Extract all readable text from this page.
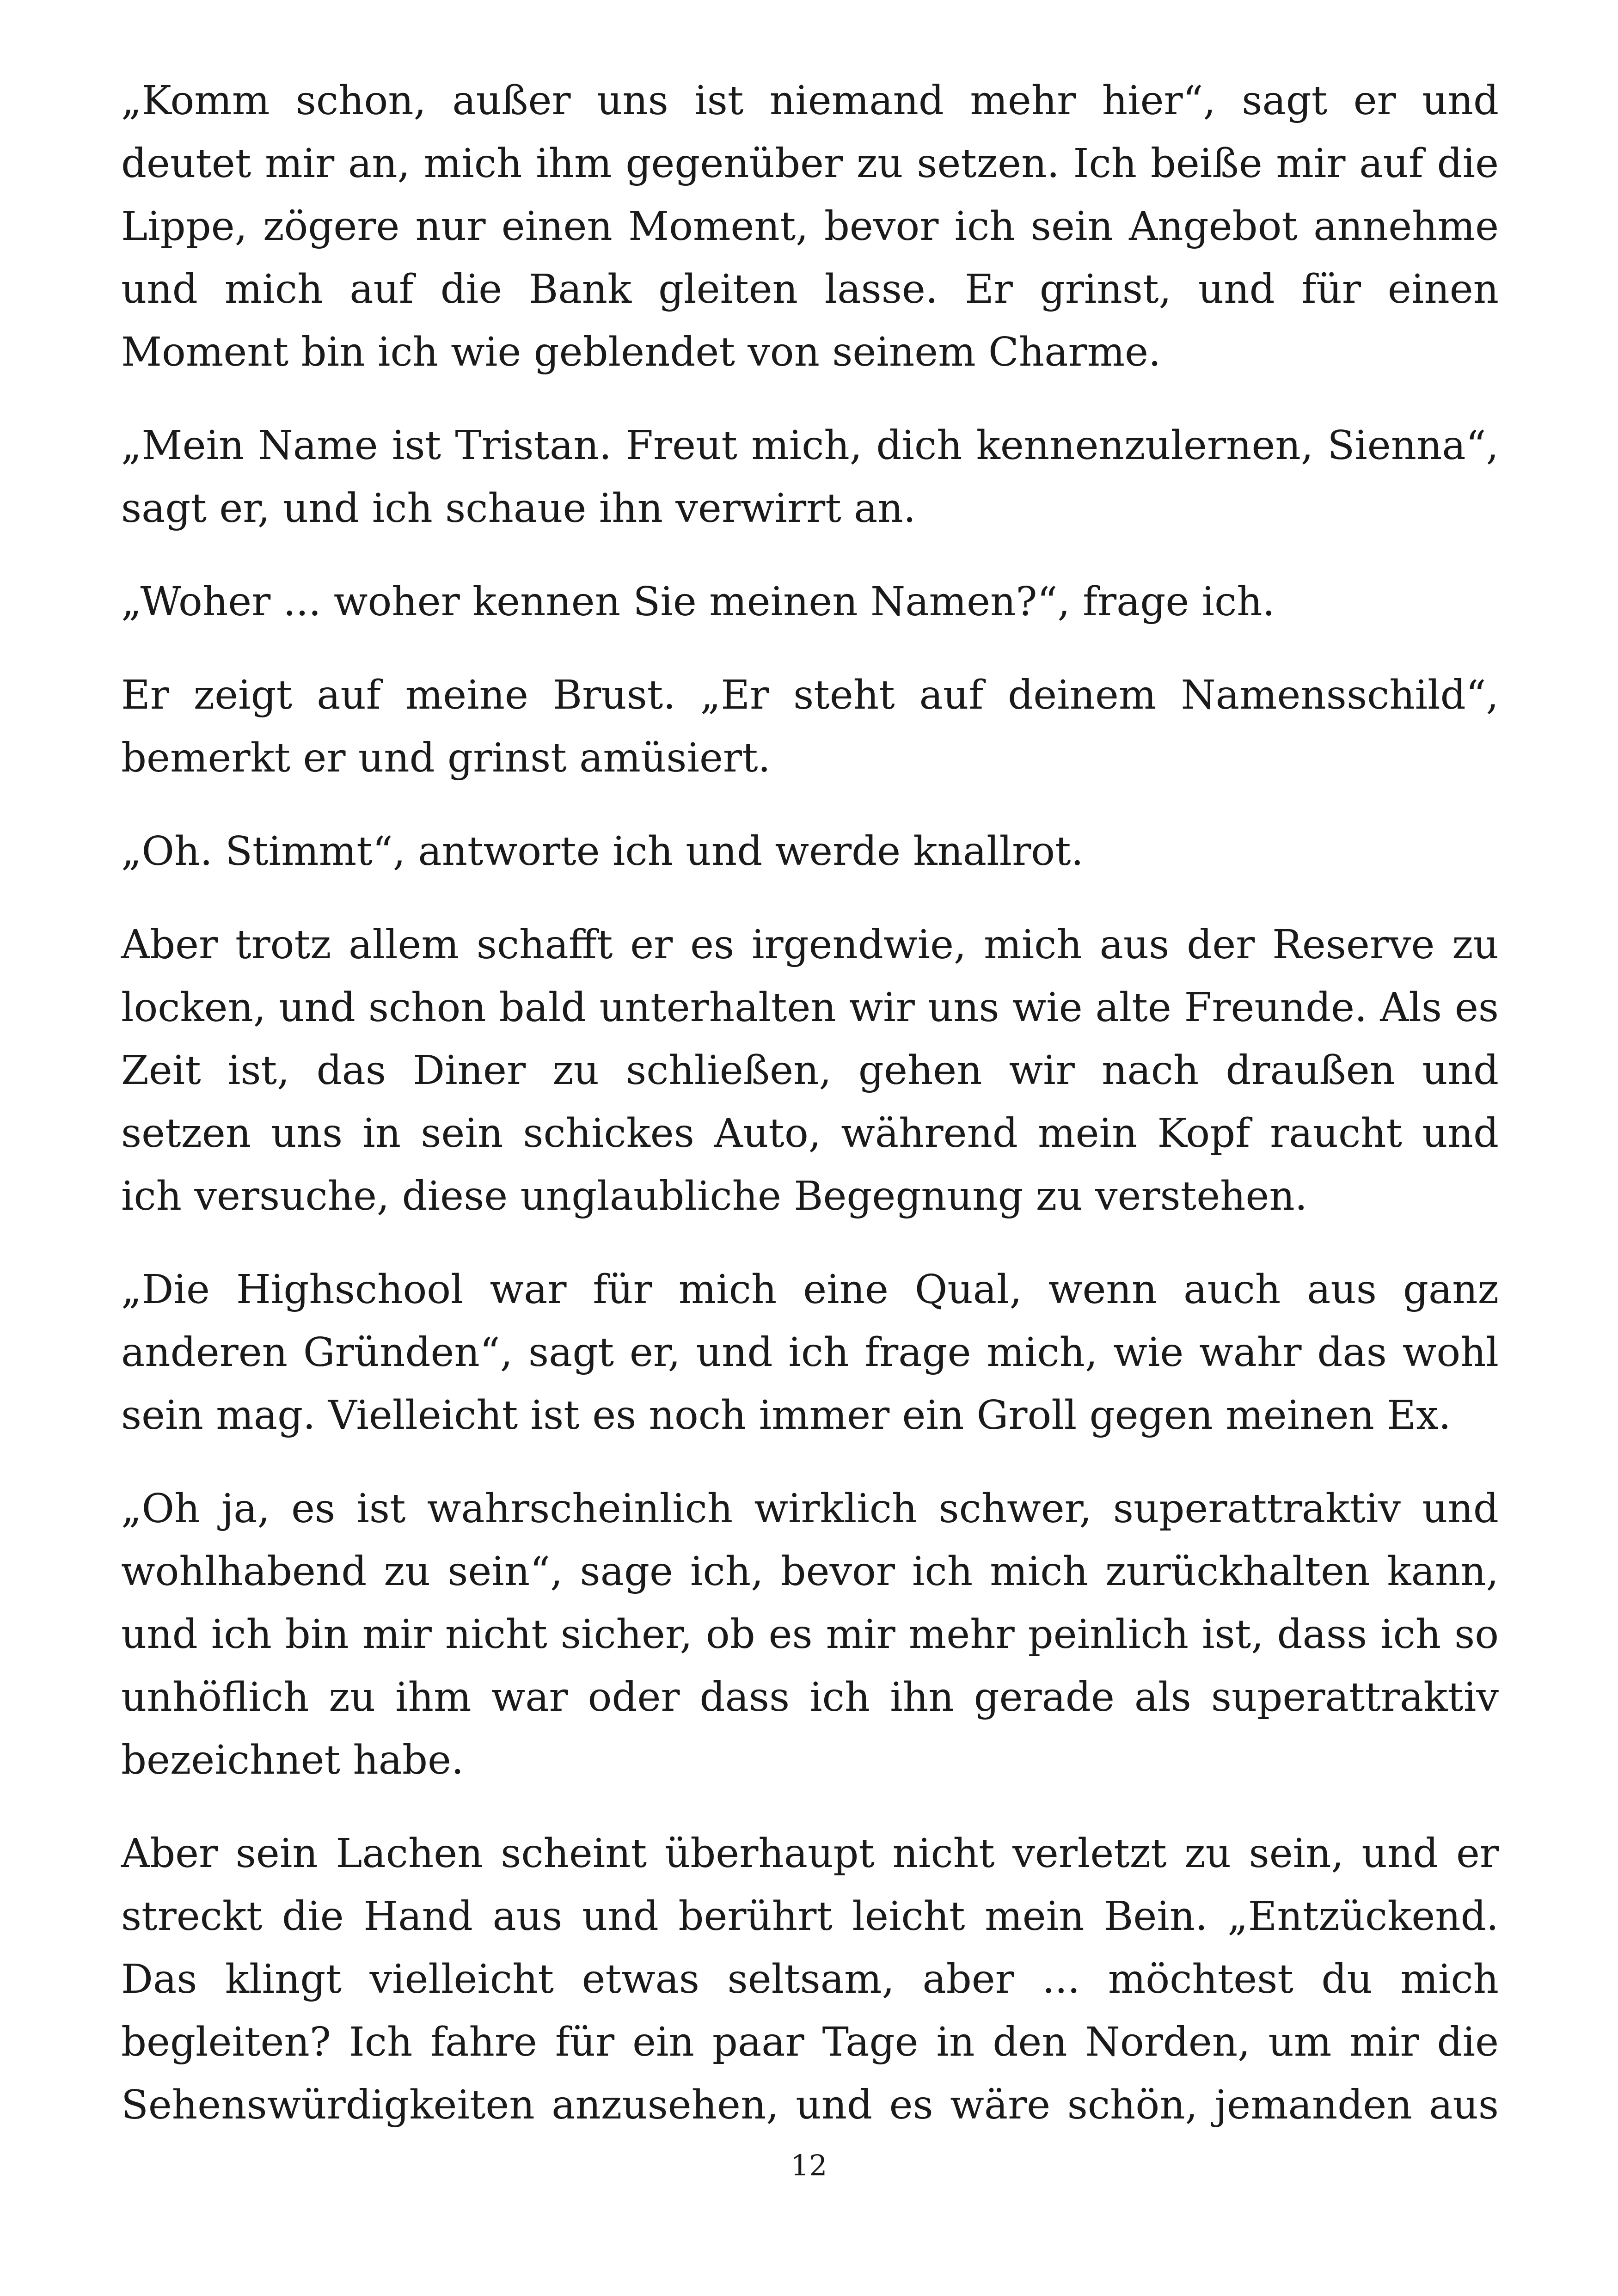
„Komm schon, außer uns ist niemand mehr hier“, sagt er und deutet mir an, mich ihm gegenüber zu setzen. Ich beiße mir auf die Lippe, zögere nur einen Moment, bevor ich sein Angebot annehme und mich auf die Bank gleiten lasse. Er grinst, und für einen Moment bin ich wie geblendet von seinem Charme.

„Mein Name ist Tristan. Freut mich, dich kennenzulernen, Sienna“, sagt er, und ich schaue ihn verwirrt an.

„Woher ... woher kennen Sie meinen Namen?“, frage ich.

Er zeigt auf meine Brust. „Er steht auf deinem Namensschild“, bemerkt er und grinst amüsiert.

„Oh. Stimmt“, antworte ich und werde knallrot.

Aber trotz allem schafft er es irgendwie, mich aus der Reserve zu locken, und schon bald unterhalten wir uns wie alte Freunde. Als es Zeit ist, das Diner zu schließen, gehen wir nach draußen und setzen uns in sein schickes Auto, während mein Kopf raucht und ich versuche, diese unglaubliche Begegnung zu verstehen.

„Die Highschool war für mich eine Qual, wenn auch aus ganz anderen Gründen“, sagt er, und ich frage mich, wie wahr das wohl sein mag. Vielleicht ist es noch immer ein Groll gegen meinen Ex.

„Oh ja, es ist wahrscheinlich wirklich schwer, superattraktiv und wohlhabend zu sein“, sage ich, bevor ich mich zurückhalten kann, und ich bin mir nicht sicher, ob es mir mehr peinlich ist, dass ich so unhöflich zu ihm war oder dass ich ihn gerade als superattraktiv bezeichnet habe.

Aber sein Lachen scheint überhaupt nicht verletzt zu sein, und er streckt die Hand aus und berührt leicht mein Bein. „Entzückend. Das klingt vielleicht etwas seltsam, aber ... möchtest du mich begleiten? Ich fahre für ein paar Tage in den Norden, um mir die Sehenswürdigkeiten anzusehen, und es wäre schön, jemanden aus

12
